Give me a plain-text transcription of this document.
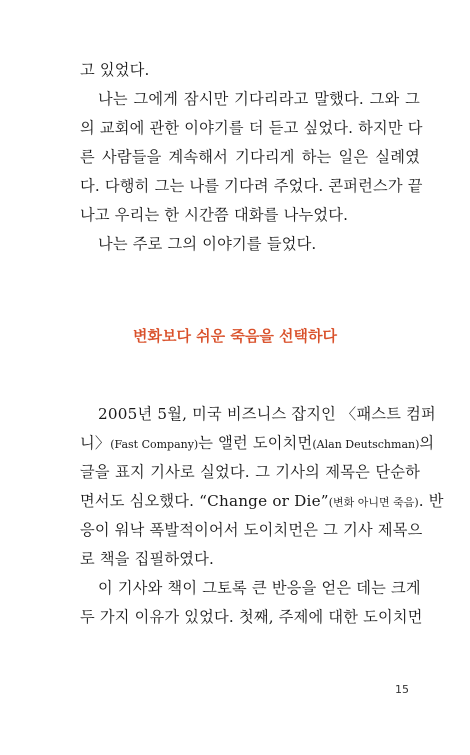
고 있었다.
나는 그에게 잠시만 기다리라고 말했다. 그와 그
의 교회에 관한 이야기를 더 듣고 싶었다. 하지만 다
른 사람들을 계속해서 기다리게 하는 일은 실례였
다. 다행히 그는 나를 기다려 주었다. 콘퍼런스가 끝
나고 우리는 한 시간쯤 대화를 나누었다.
나는 주로 그의 이야기를 들었다.
변화보다 쉬운 죽음을 선택하다
2005년 5월, 미국 비즈니스 잡지인 〈패스트 컴퍼
니〉(Fast Company)는 앨런 도이치먼(Alan Deutschman)의
글을 표지 기사로 실었다. 그 기사의 제목은 단순하
면서도 심오했다. “Change or Die”(변화 아니면 죽음). 반
응이 워낙 폭발적이어서 도이치먼은 그 기사 제목으
로 책을 집필하였다.
이 기사와 책이 그토록 큰 반응을 얻은 데는 크게
두 가지 이유가 있었다. 첫째, 주제에 대한 도이치먼
15
